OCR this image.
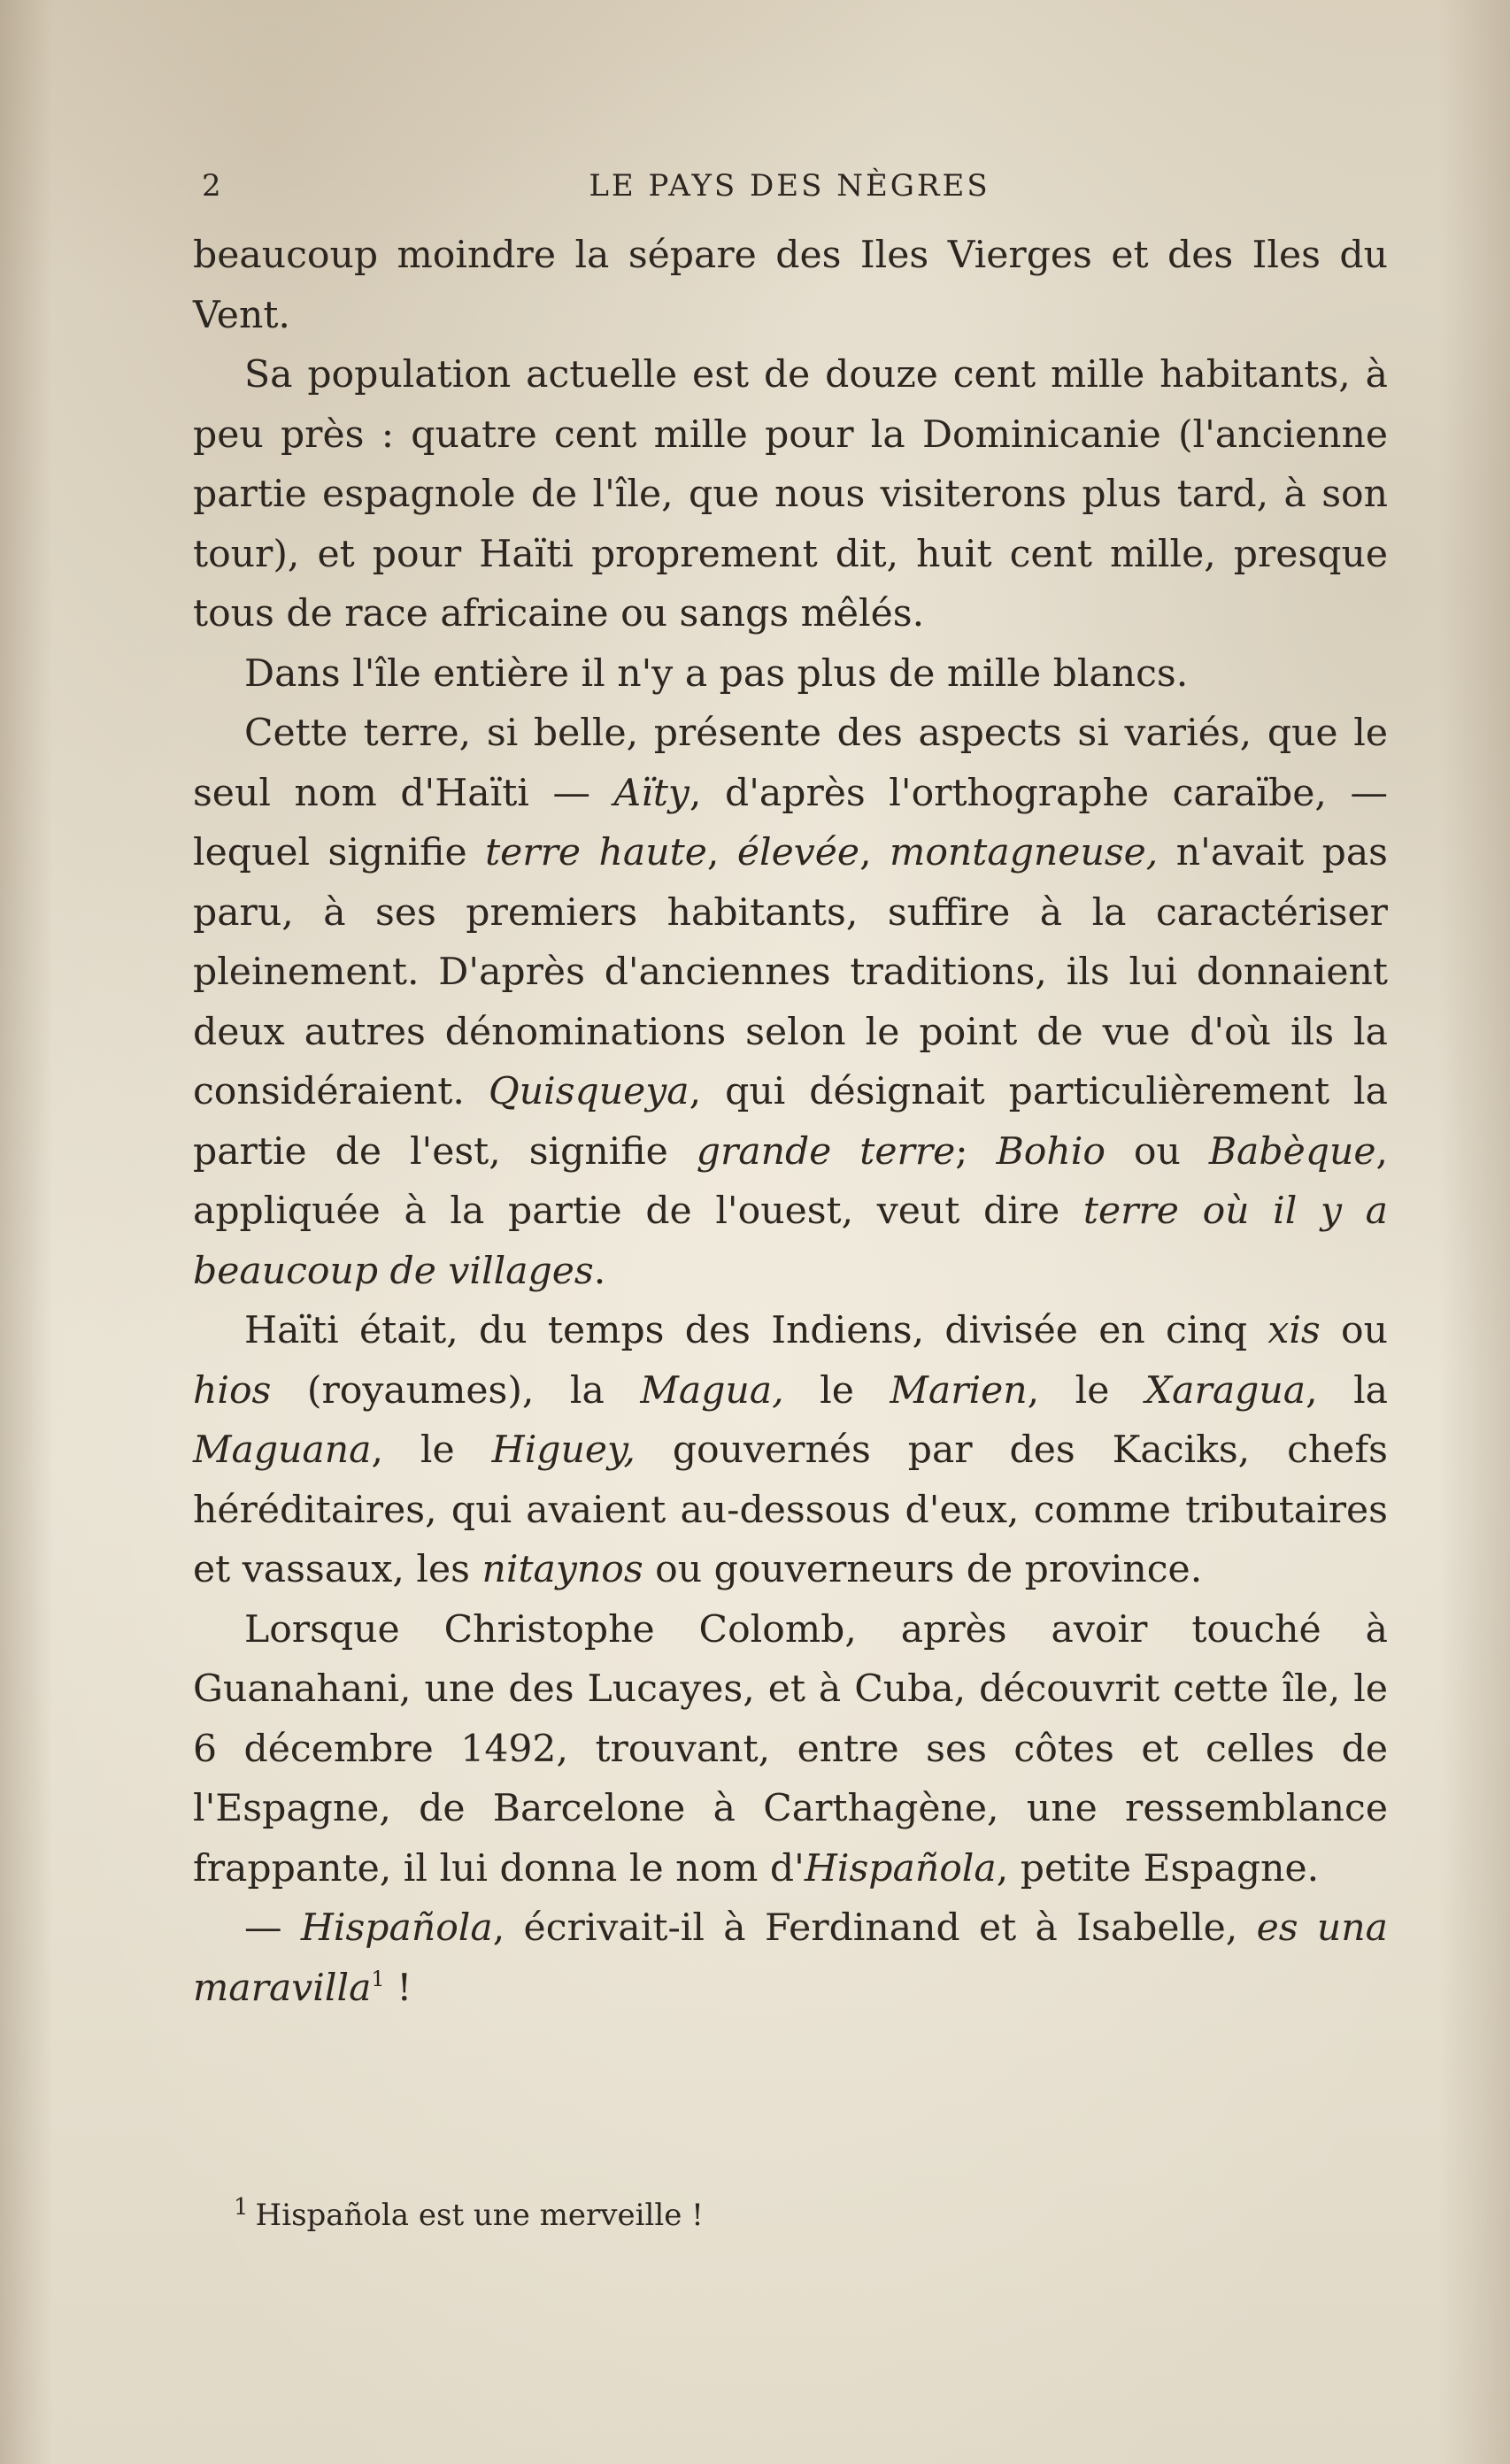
2	LE PAYS DES NÈGRES

beaucoup moindre la sépare des Iles Vierges et des Iles du Vent.

Sa population actuelle est de douze cent mille habitants, à peu près : quatre cent mille pour la Dominicanie (l'ancienne partie espagnole de l'île, que nous visiterons plus tard, à son tour), et pour Haïti proprement dit, huit cent mille, presque tous de race africaine ou sangs mêlés.

Dans l'île entière il n'y a pas plus de mille blancs.

Cette terre, si belle, présente des aspects si variés, que le seul nom d'Haïti — Aïty, d'après l'orthographe caraïbe, — lequel signifie terre haute, élevée, montagneuse, n'avait pas paru, à ses premiers habitants, suffire à la caractériser pleinement. D'après d'anciennes traditions, ils lui donnaient deux autres dénominations selon le point de vue d'où ils la considéraient. Quisqueya, qui désignait particulièrement la partie de l'est, signifie grande terre; Bohio ou Babèque, appliquée à la partie de l'ouest, veut dire terre où il y a beaucoup de villages.

Haïti était, du temps des Indiens, divisée en cinq xis ou hios (royaumes), la Magua, le Marien, le Xaragua, la Maguana, le Higuey, gouvernés par des Kaciks, chefs héréditaires, qui avaient au-dessous d'eux, comme tributaires et vassaux, les nitaynos ou gouverneurs de province.

Lorsque Christophe Colomb, après avoir touché à Guanahani, une des Lucayes, et à Cuba, découvrit cette île, le 6 décembre 1492, trouvant, entre ses côtes et celles de l'Espagne, de Barcelone à Carthagène, une ressemblance frappante, il lui donna le nom d'Hispañola, petite Espagne.

— Hispañola, écrivait-il à Ferdinand et à Isabelle, es una maravilla$^1$ !

$^1$ Hispañola est une merveille !
